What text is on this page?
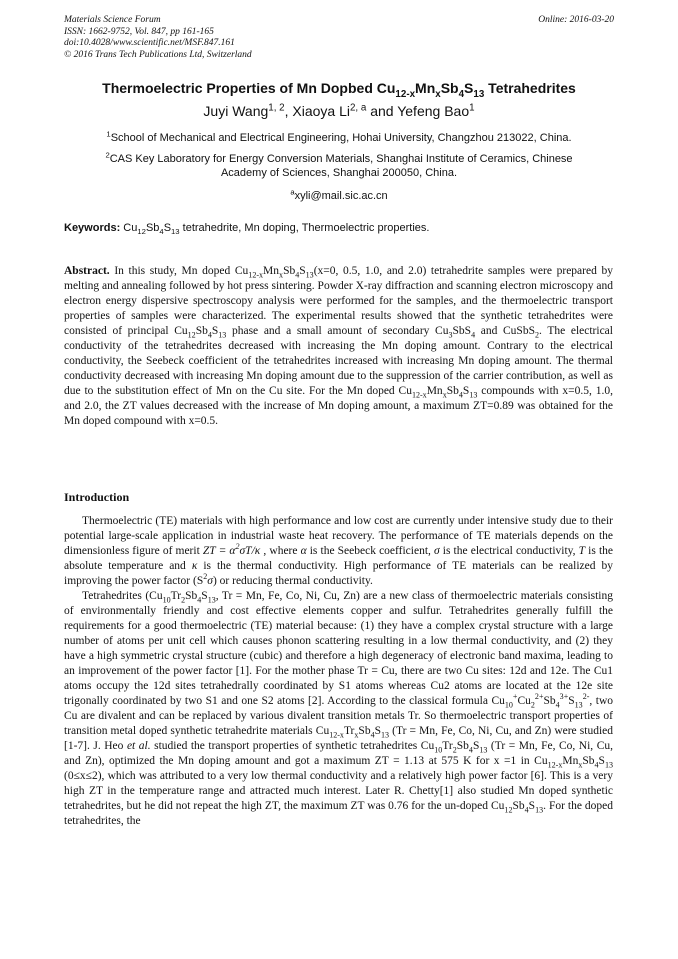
Materials Science Forum
ISSN: 1662-9752, Vol. 847, pp 161-165
doi:10.4028/www.scientific.net/MSF.847.161
© 2016 Trans Tech Publications Ltd, Switzerland
Online: 2016-03-20
Thermoelectric Properties of Mn Dopbed $Cu_{12-x}Mn_xSb_4S_{13}$ Tetrahedrites
Juyi Wang$^{1, 2}$, Xiaoya Li$^{2, a}$ and Yefeng Bao$^1$
$^1$School of Mechanical and Electrical Engineering, Hohai University, Changzhou 213022, China.
$^2$CAS Key Laboratory for Energy Conversion Materials, Shanghai Institute of Ceramics, Chinese
Academy of Sciences, Shanghai 200050, China.
$^a$xyli@mail.sic.ac.cn
Keywords: $Cu_{12}Sb_4S_{13}$ tetrahedrite, Mn doping, Thermoelectric properties.

Abstract. In this study, Mn doped $Cu_{12-x}Mn_xSb_4S_{13}(x=0$, 0.5, 1.0, and 2.0) tetrahedrite samples were prepared by melting and annealing followed by hot press sintering. Powder X-ray diffraction and scanning electron microscopy and electron energy dispersive spectroscopy analysis were performed for the samples, and the thermoelectric transport properties of samples were characterized. The experimental results showed that the synthetic tetrahedrites were consisted of principal $Cu_{12}Sb_4S_{13}$ phase and a small amount of secondary $Cu_3SbS_4$ and CuSbS$_2$. The electrical conductivity of the tetrahedrites decreased with increasing the Mn doping amount. Contrary to the electrical conductivity, the Seebeck coefficient of the tetrahedrites increased with increasing Mn doping amount. The thermal conductivity decreased with increasing Mn doping amount due to the suppression of the carrier contribution, as well as due to the substitution effect of Mn on the Cu site. For the Mn doped $Cu_{12-x}Mn_xSb_4S_{13}$ compounds with x=0.5, 1.0, and 2.0, the ZT values decreased with the increase of Mn doping amount, a maximum ZT=0.89 was obtained for the Mn doped compound with x=0.5.

Introduction

Thermoelectric (TE) materials with high performance and low cost are currently under intensive study due to their potential large-scale application in industrial waste heat recovery. The performance of TE materials depends on the dimensionless figure of merit ZT = $\alpha^2\sigma T/\kappa$ , where α is the Seebeck coefficient, σ is the electrical conductivity, T is the absolute temperature and κ is the thermal conductivity. High performance of TE materials can be realized by improving the power factor $(S^2\sigma)$ or reducing thermal conductivity.

Tetrahedrites ($Cu_{10}Tr_2Sb_4S_{13}$, Tr = Mn, Fe, Co, Ni, Cu, Zn) are a new class of thermoelectric materials consisting of environmentally friendly and cost effective elements copper and sulfur. Tetrahedrites generally fulfill the requirements for a good thermoelectric (TE) material because: (1) they have a complex crystal structure with a large number of atoms per unit cell which causes phonon scattering resulting in a low thermal conductivity, and (2) they have a high symmetric crystal structure (cubic) and therefore a high degeneracy of electronic band maxima, leading to an improvement of the power factor [1]. For the mother phase Tr = Cu, there are two Cu sites: 12d and 12e. The Cu1 atoms occupy the 12d sites tetrahedrally coordinated by S1 atoms whereas Cu2 atoms are located at the 12e site trigonally coordinated by two S1 and one S2 atoms [2]. According to the classical formula $Cu_{10}^+Cu_2^{2+}Sb_4^{3+}S_{13}^{2-}$, two Cu are divalent and can be replaced by various divalent transition metals Tr. So thermoelectric transport properties of transition metal doped synthetic tetrahedrite materials $Cu_{12-x}Tr_xSb_4S_{13}$ (Tr = Mn, Fe, Co, Ni, Cu, and Zn) were studied [1-7]. J. Heo et al. studied the transport properties of synthetic tetrahedrites $Cu_{10}Tr_2Sb_4S_{13}$ (Tr = Mn, Fe, Co, Ni, Cu, and Zn), optimized the Mn doping amount and got a maximum ZT = 1.13 at 575 K for x =1 in $Cu_{12-x}Mn_xSb_4S_{13}$ (0≤x≤2), which was attributed to a very low thermal conductivity and a relatively high power factor [6]. This is a very high ZT in the temperature range and attracted much interest. Later R. Chetty[1] also studied Mn doped synthetic tetrahedrites, but he did not repeat the high ZT, the maximum ZT was 0.76 for the un-doped $Cu_{12}Sb_4S_{13}$. For the doped tetrahedrites, the
